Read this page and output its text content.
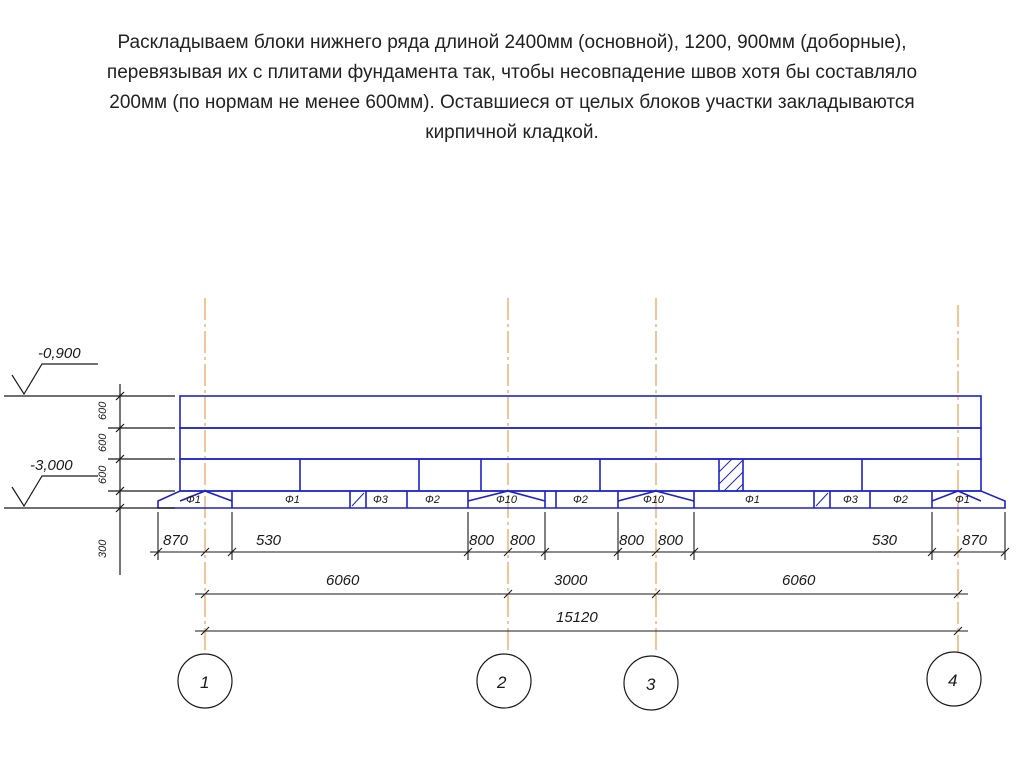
Раскладываем блоки нижнего ряда длиной 2400мм (основной), 1200, 900мм (доборные),
перевязывая их с плитами фундамента так, чтобы несовпадение швов хотя бы составляло
200мм (по нормам не менее 600мм). Оставшиеся от целых блоков участки закладываются
кирпичной кладкой.

Ф1	Ф1	Ф3	Ф2	Ф10	Ф2	Ф10	Ф1	Ф3	Ф2	Ф1
-0,900
-3,000
600
600
600
300	870	530	800 800	800 800	530	870
6060	3000	6060
15120
1	2	3	4
